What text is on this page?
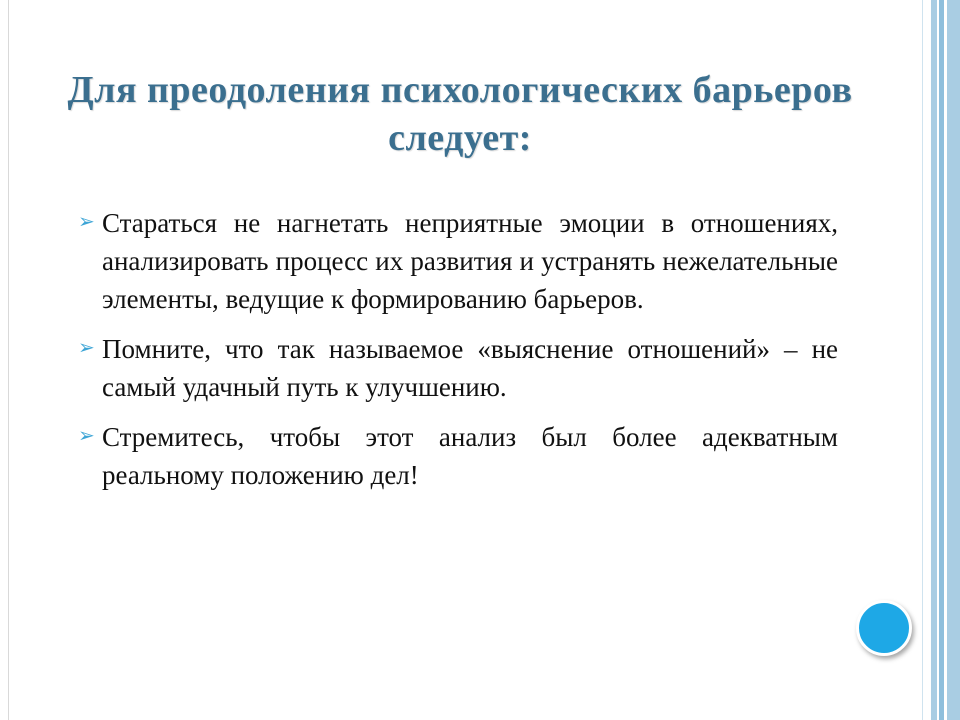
Для преодоления психологических барьеров следует:
➢ Стараться не нагнетать неприятные эмоции в отношениях, анализировать процесс их развития и устранять нежелательные элементы, ведущие к формированию барьеров.
➢ Помните, что так называемое «выяснение отношений» – не самый удачный путь к улучшению.
➢ Стремитесь, чтобы этот анализ был более адекватным реальному положению дел!
